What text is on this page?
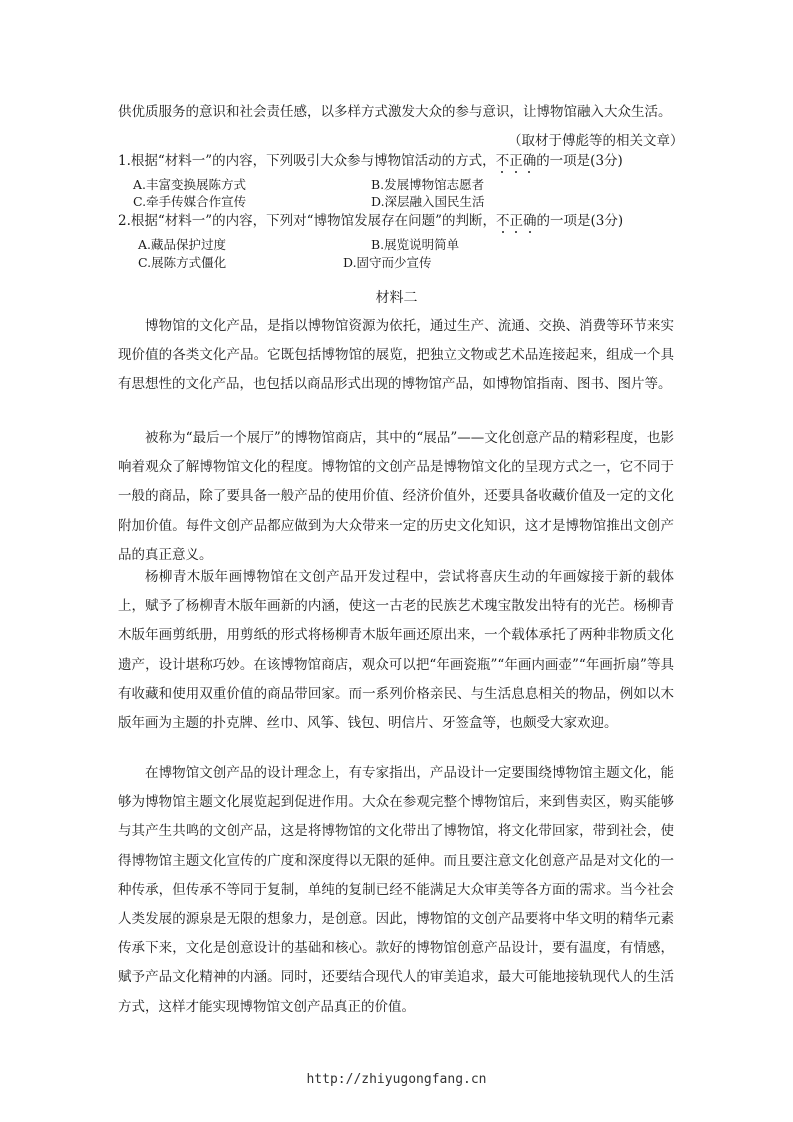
供优质服务的意识和社会责任感，以多样方式激发大众的参与意识，让博物馆融入大众生活。
（取材于傅彪等的相关文章）
1.根据“材料一”的内容，下列吸引大众参与博物馆活动的方式，不正确的一项是(3分)
A.丰富变换展陈方式	B.发展博物馆志愿者
C.牵手传媒合作宣传	D.深层融入国民生活
2.根据“材料一”的内容，下列对“博物馆发展存在问题”的判断，不正确的一项是(3分)
A.藏品保护过度	B.展览说明简单
C.展陈方式僵化	D.固守而少宣传
材料二

博物馆的文化产品，是指以博物馆资源为依托，通过生产、流通、交换、消费等环节来实现价值的各类文化产品。它既包括博物馆的展览，把独立文物或艺术品连接起来，组成一个具有思想性的文化产品，也包括以商品形式出现的博物馆产品，如博物馆指南、图书、图片等。

被称为“最后一个展厅”的博物馆商店，其中的“展品”——文化创意产品的精彩程度，也影响着观众了解博物馆文化的程度。博物馆的文创产品是博物馆文化的呈现方式之一，它不同于一般的商品，除了要具备一般产品的使用价值、经济价值外，还要具备收藏价值及一定的文化附加价值。每件文创产品都应做到为大众带来一定的历史文化知识，这才是博物馆推出文创产品的真正意义。

杨柳青木版年画博物馆在文创产品开发过程中，尝试将喜庆生动的年画嫁接于新的载体上，赋予了杨柳青木版年画新的内涵，使这一古老的民族艺术瑰宝散发出特有的光芒。杨柳青木版年画剪纸册，用剪纸的形式将杨柳青木版年画还原出来，一个载体承托了两种非物质文化遗产，设计堪称巧妙。在该博物馆商店，观众可以把“年画瓷瓶”“年画内画壶”“年画折扇”等具有收藏和使用双重价值的商品带回家。而一系列价格亲民、与生活息息相关的物品，例如以木版年画为主题的扑克牌、丝巾、风筝、钱包、明信片、牙签盒等，也颇受大家欢迎。

在博物馆文创产品的设计理念上，有专家指出，产品设计一定要围绕博物馆主题文化，能够为博物馆主题文化展览起到促进作用。大众在参观完整个博物馆后，来到售卖区，购买能够与其产生共鸣的文创产品，这是将博物馆的文化带出了博物馆，将文化带回家，带到社会，使得博物馆主题文化宣传的广度和深度得以无限的延伸。而且要注意文化创意产品是对文化的一种传承，但传承不等同于复制，单纯的复制已经不能满足大众审美等各方面的需求。当今社会人类发展的源泉是无限的想象力，是创意。因此，博物馆的文创产品要将中华文明的精华元素传承下来，文化是创意设计的基础和核心。款好的博物馆创意产品设计，要有温度，有情感，赋予产品文化精神的内涵。同时，还要结合现代人的审美追求，最大可能地接轨现代人的生活方式，这样才能实现博物馆文创产品真正的价值。

http://zhiyugongfang.cn
